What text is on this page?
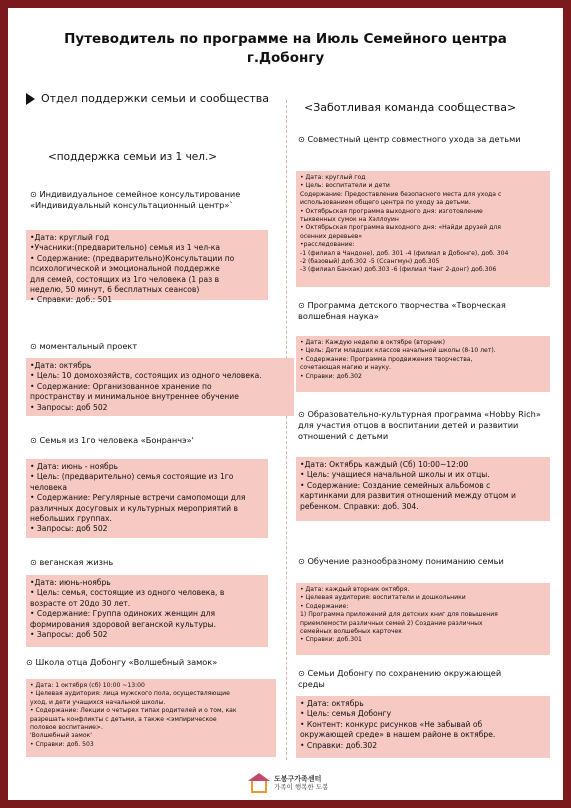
Путеводитель по программе на Июль Семейного центра
г.Добонгу
Отдел поддержки семьи и сообщества
<Заботливая команда сообщества>
<поддержка семьи из 1 чел.>
⊙ Индивидуальное семейное консультирование
«Индивидуальный консультационный центр»`
•Дата: круглый год
•Учасники:(предварительно) семья из 1 чел-ка
• Содержание: (предварительно)Консультации по
психологической и эмоциональной поддержке
для семей, состоящих из 1го человека (1 раз в
неделю, 50 минут, 6 бесплатных сеансов)
• Справки: доб.: 501
⊙ моментальный проект
•Дата: октябрь
• Цель: 10 домохозяйств, состоящих из одного человека.
• Содержание: Организованное хранение по
пространству и минимальное внутреннее обучение
• Запросы: доб 502
⊙ Семья из 1го человека «Бонранчэ»'
• Дата: июнь - ноябрь
• Цель: (предварительно) семья состоящие из 1го
человека
• Содержание: Регулярные встречи самопомощи для
различных досуговых и культурных мероприятий в
небольших группах.
• Запросы: доб 502
⊙ веганская жизнь
•Дата: июнь-ноябрь
• Цель: семья, состоящие из одного человека, в
возрасте от 20до 30 лет.
• Содержание: Группа одиноких женщин для
формирования здоровой веганской культуры.
• Запросы: доб 502
⊙ Школа отца Добонгу «Волшебный замок»
• Дата: 1 октября (сб) 10:00 ~13:00
• Целевая аудитория: лица мужского пола, осуществляющие
уход, и дети учащихся начальной школы.
• Содержание: Лекции о четырех типах родителей и о том, как
разрешать конфликты с детьми, а также <эмпирическое
половое воспитание>.
'Волшебный замок'
• Справки: доб. 503
⊙ Совместный центр совместного ухода за детьми
• Дата: круглый год
• Цель: воспитатели и дети
Содержание: Предоставление безопасного места для ухода с
использованием общего центра по уходу за детьми.
• Октябрьская программа выходного дня: изготовление
тыквенных сумок на Хэллоуин
• Октябрьская программа выходного дня: «Найди друзей для
осенних деревьев»
•расследование:
-1 (филиал в Чандоне), доб. 301 -4 (филиал в Добонге), доб. 304
-2 (базовый) доб.302 -5 (Ссангмун) доб.305
-3 (филиал Банхак) доб.303 -6 (филиал Чанг 2-донг) доб.306
⊙ Программа детского творчества «Творческая
волшебная наука»
• Дата: Каждую неделю в октябре (вторник)
• Цель: Дети младших классов начальной школы (8-10 лет).
• Содержание: Программа продвижения творчества,
сочетающая магию и науку.
• Справки: доб.302
⊙ Образовательно-культурная программа «Hobby Rich»
для участия отцов в воспитании детей и развитии
отношений с детьми
•Дата: Октябрь каждый (Сб) 10:00~12:00
• Цель: учащиеся начальной школы и их отцы.
• Содержание: Создание семейных альбомов с
картинками для развития отношений между отцом и
ребенком. Справки: доб. 304.
⊙ Обучение разнообразному пониманию семьи
• Дата: каждый вторник октября.
• Целевая аудитория: воспитатели и дошкольники
• Содержание:
1) Программа приложений для детских книг для повышения
приемлемости различных семей 2) Создание различных
семейных волшебных карточек
• Справки: доб.301
⊙ Семьи Добонгу по сохранению окружающей
среды
• Дата: октябрь
• Цель: семья Добонгу
• Контент: конкурс рисунков «Не забывай об
окружающей среде» в нашем районе в октябре.
• Справки: доб.302
도봉구가족센터
가족이 행복한 도봉
